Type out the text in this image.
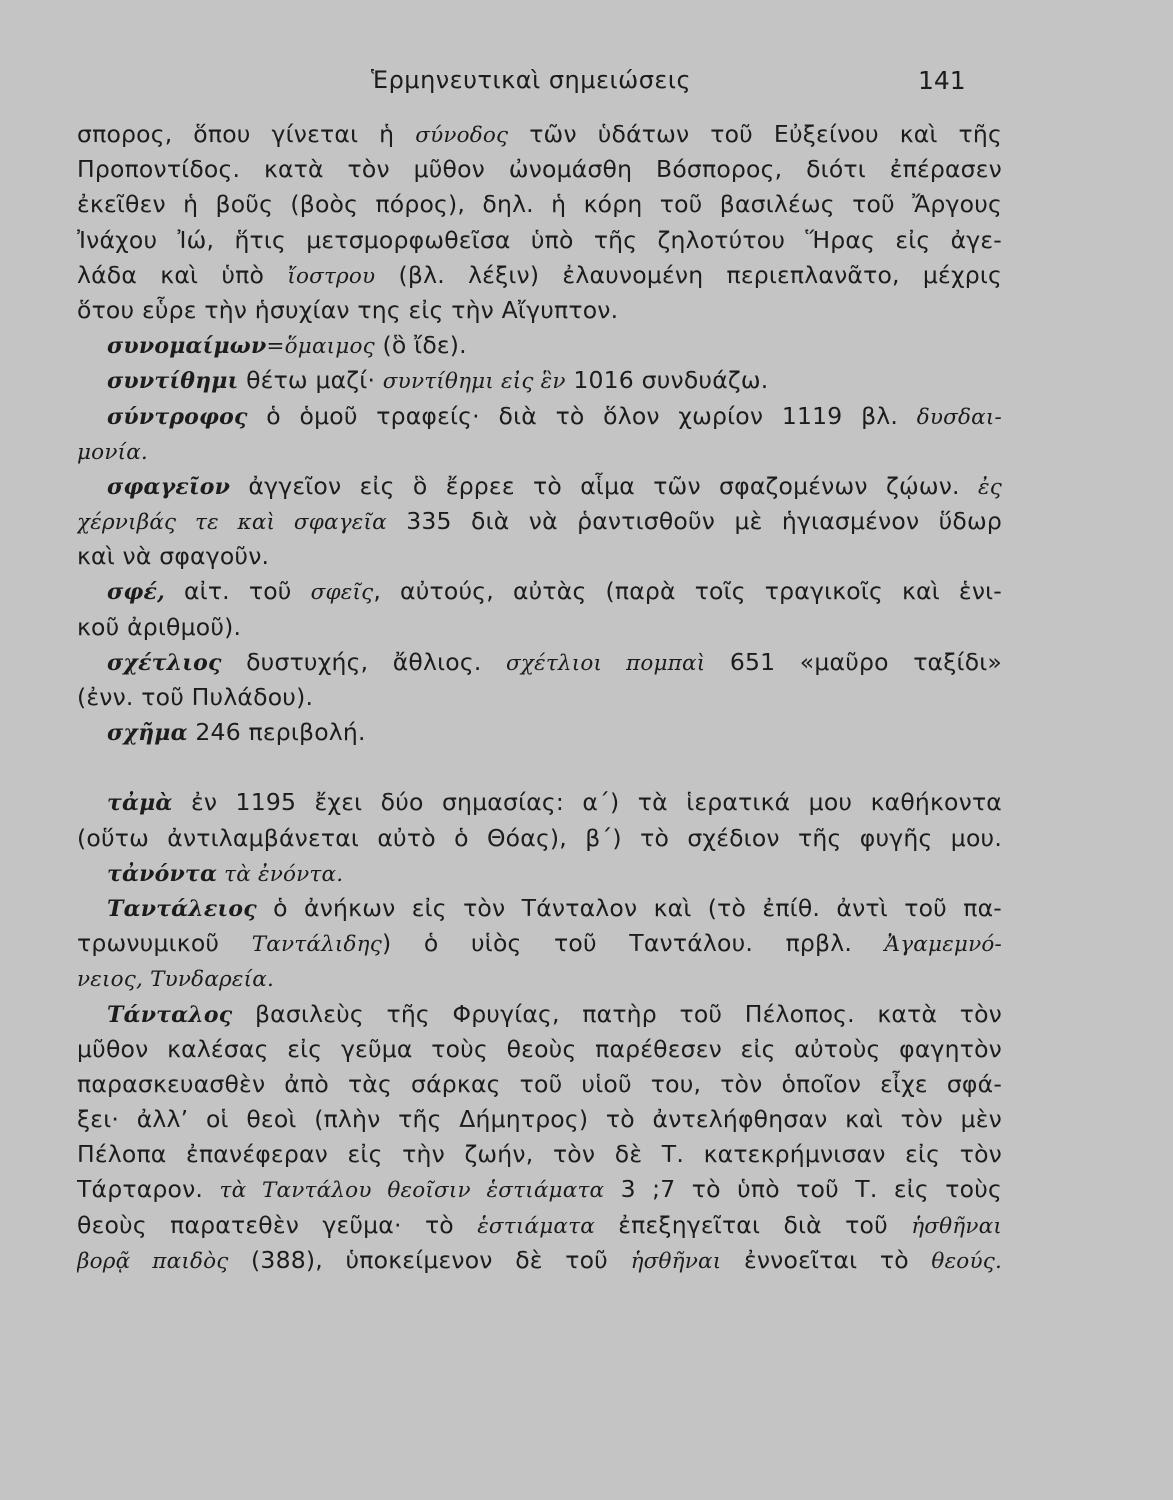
Ἑρμηνευτικαὶ σημειώσεις	141
σπορος, ὅπου γίνεται ἡ σύνοδος τῶν ὑδάτων τοῦ Εὐξείνου καὶ τῆς
Προποντίδος. κατὰ τὸν μῦθον ὠνομάσθη Βόσπορος, διότι ἐπέρασεν
ἐκεῖθεν ἡ βοῦς (βοὸς πόρος), δηλ. ἡ κόρη τοῦ βασιλέως τοῦ Ἄργους
Ἰνάχου Ἰώ, ἥτις μετσμορφωθεῖσα ὑπὸ τῆς ζηλοτύτου Ἥρας εἰς ἀγε-
λάδα καὶ ὑπὸ ἴοστρου (βλ. λέξιν) ἐλαυνομένη περιεπλανᾶτο, μέχρις
ὅτου εὗρε τὴν ἡσυχίαν της εἰς τὴν Αἴγυπτον.
συνομαίμων=ὅμαιμος (ὃ ἴδε).
συντίθημι θέτω μαζί· συντίθημι εἰς ἓν 1016 συνδυάζω.
σύντροφος ὁ ὁμοῦ τραφείς· διὰ τὸ ὅλον χωρίον 1119 βλ. δυσδαι-
μονία.
σφαγεῖον ἀγγεῖον εἰς ὃ ἔρρεε τὸ αἷμα τῶν σφαζομένων ζῴων. ἐς
χέρνιβάς τε καὶ σφαγεῖα 335 διὰ νὰ ῥαντισθοῦν μὲ ἡγιασμένον ὕδωρ
καὶ νὰ σφαγοῦν.
σφέ, αἰτ. τοῦ σφεῖς, αὐτούς, αὐτὰς (παρὰ τοῖς τραγικοῖς καὶ ἑνι-
κοῦ ἀριθμοῦ).
σχέτλιος δυστυχής, ἄθλιος. σχέτλιοι πομπαὶ 651 «μαῦρο ταξίδι»
(ἐνν. τοῦ Πυλάδου).
σχῆμα 246 περιβολή.
τἀμὰ ἐν 1195 ἔχει δύο σημασίας: α΄) τὰ ἱερατικά μου καθήκοντα
(οὕτω ἀντιλαμβάνεται αὐτὸ ὁ Θόας), β΄) τὸ σχέδιον τῆς φυγῆς μου.
τἀνόντα τὰ ἐνόντα.
Ταντάλειος ὁ ἀνήκων εἰς τὸν Τάνταλον καὶ (τὸ ἐπίθ. ἀντὶ τοῦ πα-
τρωνυμικοῦ Ταντάλιδης) ὁ υἱὸς τοῦ Ταντάλου. πρβλ. Ἀγαμεμνό-
νειος, Τυνδαρεία.
Τάνταλος βασιλεὺς τῆς Φρυγίας, πατὴρ τοῦ Πέλοπος. κατὰ τὸν
μῦθον καλέσας εἰς γεῦμα τοὺς θεοὺς παρέθεσεν εἰς αὐτοὺς φαγητὸν
παρασκευασθὲν ἀπὸ τὰς σάρκας τοῦ υἱοῦ του, τὸν ὁποῖον εἶχε σφά-
ξει· ἀλλ’ οἱ θεοὶ (πλὴν τῆς Δήμητρος) τὸ ἀντελήφθησαν καὶ τὸν μὲν
Πέλοπα ἐπανέφεραν εἰς τὴν ζωήν, τὸν δὲ Τ. κατεκρήμνισαν εἰς τὸν
Τάρταρον. τὰ Ταντάλου θεοῖσιν ἑστιάματα 3 ;7 τὸ ὑπὸ τοῦ Τ. εἰς τοὺς
θεοὺς παρατεθὲν γεῦμα· τὸ ἑστιάματα ἐπεξηγεῖται διὰ τοῦ ἡσθῆναι
βορᾷ παιδὸς (388), ὑποκείμενον δὲ τοῦ ἡσθῆναι ἐννοεῖται τὸ θεούς.
